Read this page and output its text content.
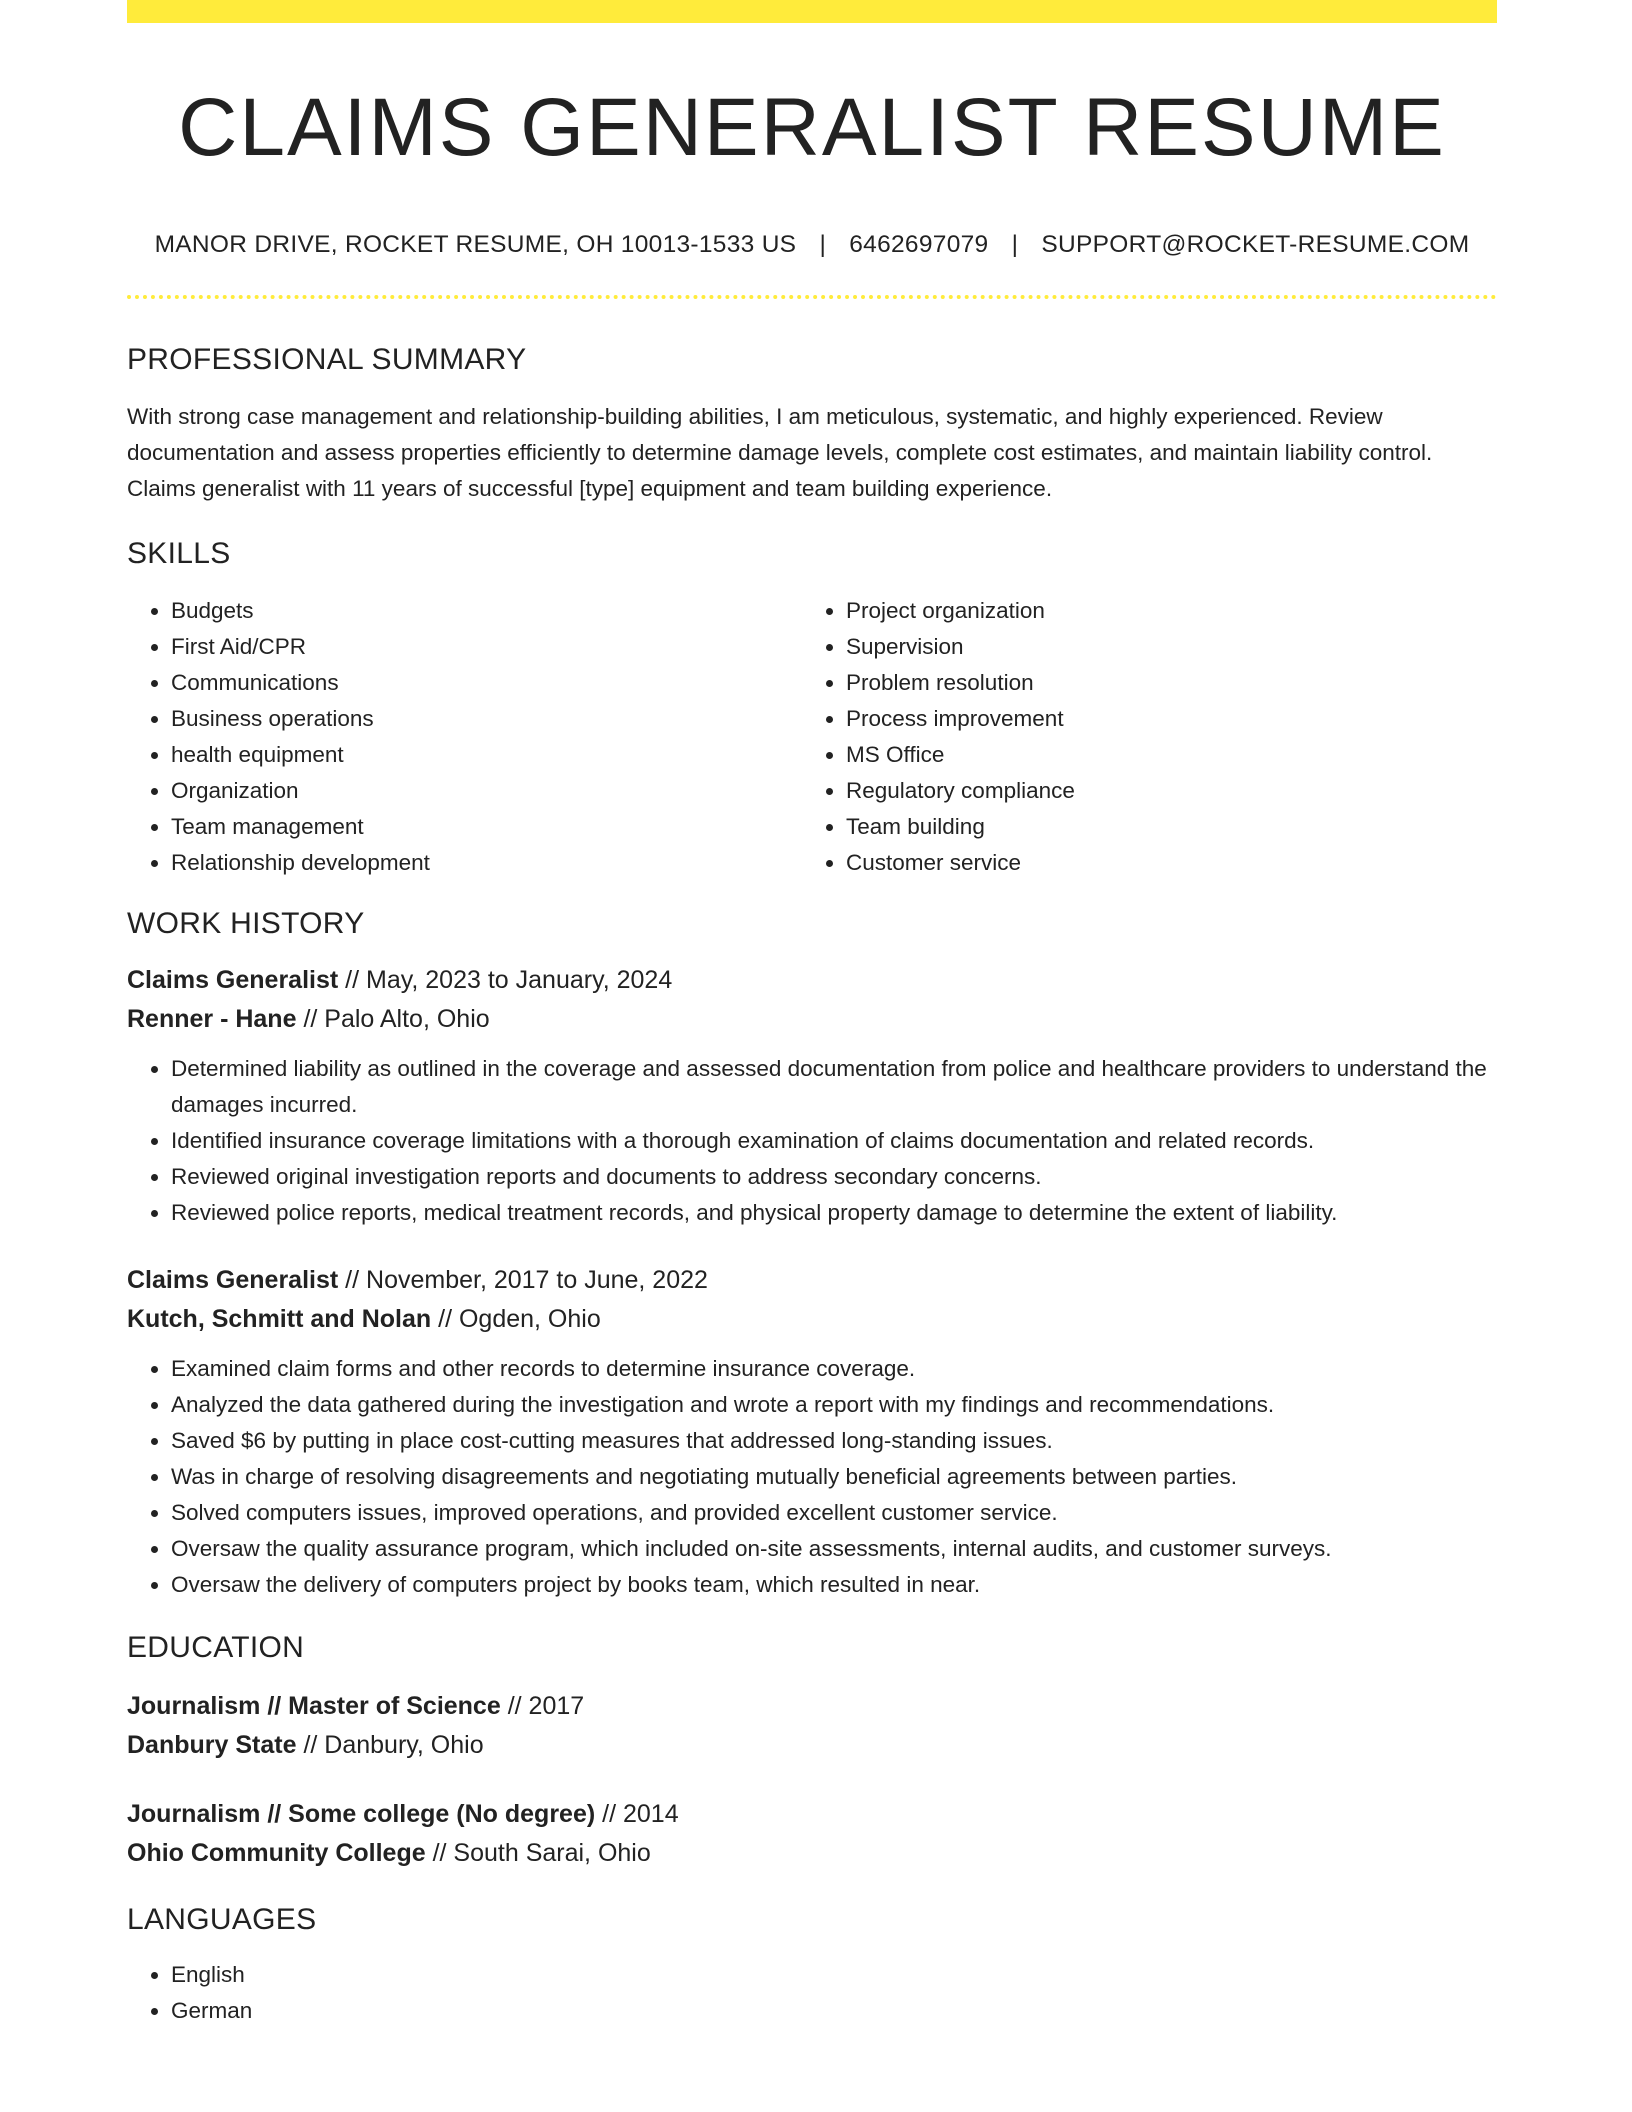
CLAIMS GENERALIST RESUME
MANOR DRIVE, ROCKET RESUME, OH 10013-1533 US | 6462697079 | SUPPORT@ROCKET-RESUME.COM
PROFESSIONAL SUMMARY
With strong case management and relationship-building abilities, I am meticulous, systematic, and highly experienced. Review documentation and assess properties efficiently to determine damage levels, complete cost estimates, and maintain liability control. Claims generalist with 11 years of successful [type] equipment and team building experience.
SKILLS
• Budgets
• First Aid/CPR
• Communications
• Business operations
• health equipment
• Organization
• Team management
• Relationship development
• Project organization
• Supervision
• Problem resolution
• Process improvement
• MS Office
• Regulatory compliance
• Team building
• Customer service
WORK HISTORY
Claims Generalist // May, 2023 to January, 2024
Renner - Hane // Palo Alto, Ohio
• Determined liability as outlined in the coverage and assessed documentation from police and healthcare providers to understand the damages incurred.
• Identified insurance coverage limitations with a thorough examination of claims documentation and related records.
• Reviewed original investigation reports and documents to address secondary concerns.
• Reviewed police reports, medical treatment records, and physical property damage to determine the extent of liability.
Claims Generalist // November, 2017 to June, 2022
Kutch, Schmitt and Nolan // Ogden, Ohio
• Examined claim forms and other records to determine insurance coverage.
• Analyzed the data gathered during the investigation and wrote a report with my findings and recommendations.
• Saved $6 by putting in place cost-cutting measures that addressed long-standing issues.
• Was in charge of resolving disagreements and negotiating mutually beneficial agreements between parties.
• Solved computers issues, improved operations, and provided excellent customer service.
• Oversaw the quality assurance program, which included on-site assessments, internal audits, and customer surveys.
• Oversaw the delivery of computers project by books team, which resulted in near.
EDUCATION
Journalism // Master of Science // 2017
Danbury State // Danbury, Ohio
Journalism // Some college (No degree) // 2014
Ohio Community College // South Sarai, Ohio
LANGUAGES
• English
• German
